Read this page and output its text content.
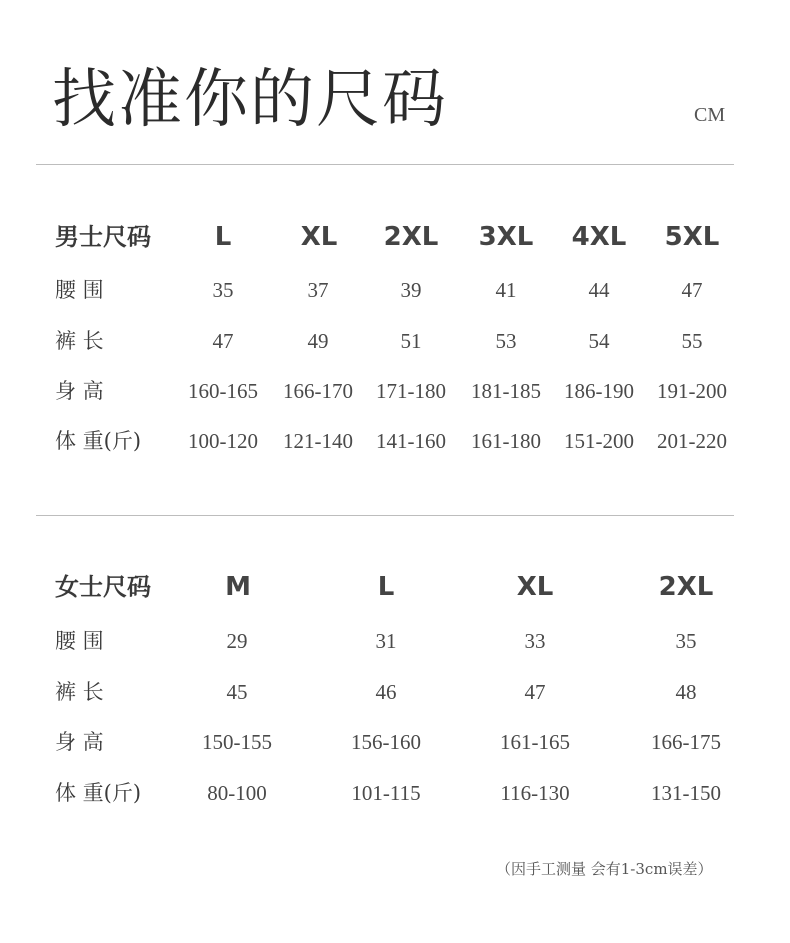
找准你的尺码	CM
男士尺码 L	XL 2XL 3XL 4XL 5XL
腰 围	35	37	39	41	44	47
裤 长	47	49	51	53	54	55
身 高	160-165 166-170 171-180 181-185 186-190 191-200
体 重(斤) 100-120 121-140 141-160 161-180 151-200 201-220
女士尺码	M	L	XL	2XL
腰 围	29	31	33	35
裤 长	45	46	47	48
身 高	150-155	156-160	161-165	166-175
体 重(斤)	80-100	101-115	116-130	131-150
（因手工测量 会有1-3cm误差）
